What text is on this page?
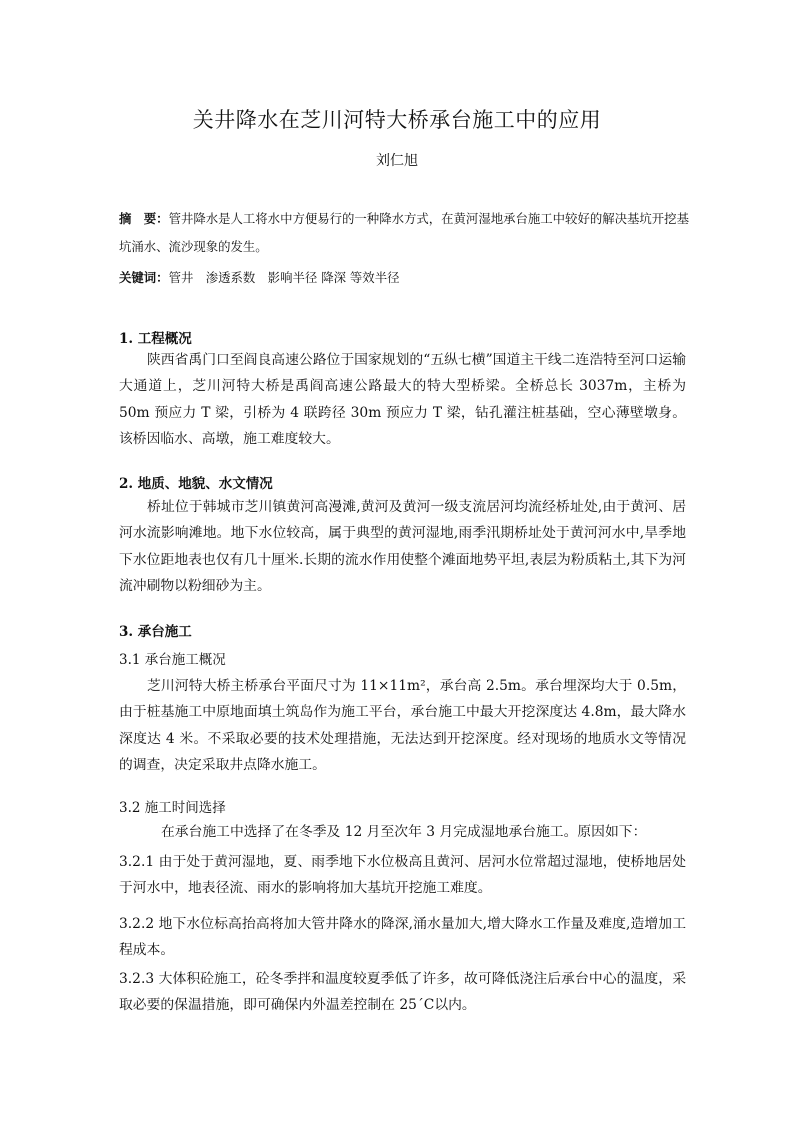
关井降水在芝川河特大桥承台施工中的应用
刘仁旭
摘　要：管井降水是人工将水中方便易行的一种降水方式，在黄河湿地承台施工中较好的解决基坑开挖基坑涌水、流沙现象的发生。
关键词：管井　渗透系数　影响半径 降深 等效半径
1. 工程概况

陕西省禹门口至阎良高速公路位于国家规划的“五纵七横”国道主干线二连浩特至河口运输大通道上，芝川河特大桥是禹阎高速公路最大的特大型桥梁。全桥总长 3037m，主桥为 50m 预应力 T 梁，引桥为 4 联跨径 30m 预应力 T 梁，钻孔灌注桩基础，空心薄壁墩身。该桥因临水、高墩，施工难度较大。

2. 地质、地貌、水文情况

桥址位于韩城市芝川镇黄河高漫滩,黄河及黄河一级支流居河均流经桥址处,由于黄河、居河水流影响滩地。地下水位较高，属于典型的黄河湿地,雨季汛期桥址处于黄河河水中,旱季地下水位距地表也仅有几十厘米.长期的流水作用使整个滩面地势平坦,表层为粉质粘土,其下为河流冲刷物以粉细砂为主。

3. 承台施工
3.1 承台施工概况

芝川河特大桥主桥承台平面尺寸为 11×11m²，承台高 2.5m。承台埋深均大于 0.5m，由于桩基施工中原地面填土筑岛作为施工平台，承台施工中最大开挖深度达 4.8m，最大降水深度达 4 米。不采取必要的技术处理措施，无法达到开挖深度。经对现场的地质水文等情况的调查，决定采取井点降水施工。

3.2 施工时间选择

在承台施工中选择了在冬季及 12 月至次年 3 月完成湿地承台施工。原因如下：

3.2.1 由于处于黄河湿地，夏、雨季地下水位极高且黄河、居河水位常超过湿地，使桥地居处于河水中，地表径流、雨水的影响将加大基坑开挖施工难度。

3.2.2 地下水位标高抬高将加大管井降水的降深,涌水量加大,增大降水工作量及难度,造增加工程成本。

3.2.3 大体积砼施工，砼冬季拌和温度较夏季低了许多，故可降低浇注后承台中心的温度，采取必要的保温措施，即可确保内外温差控制在 25´C以内。
